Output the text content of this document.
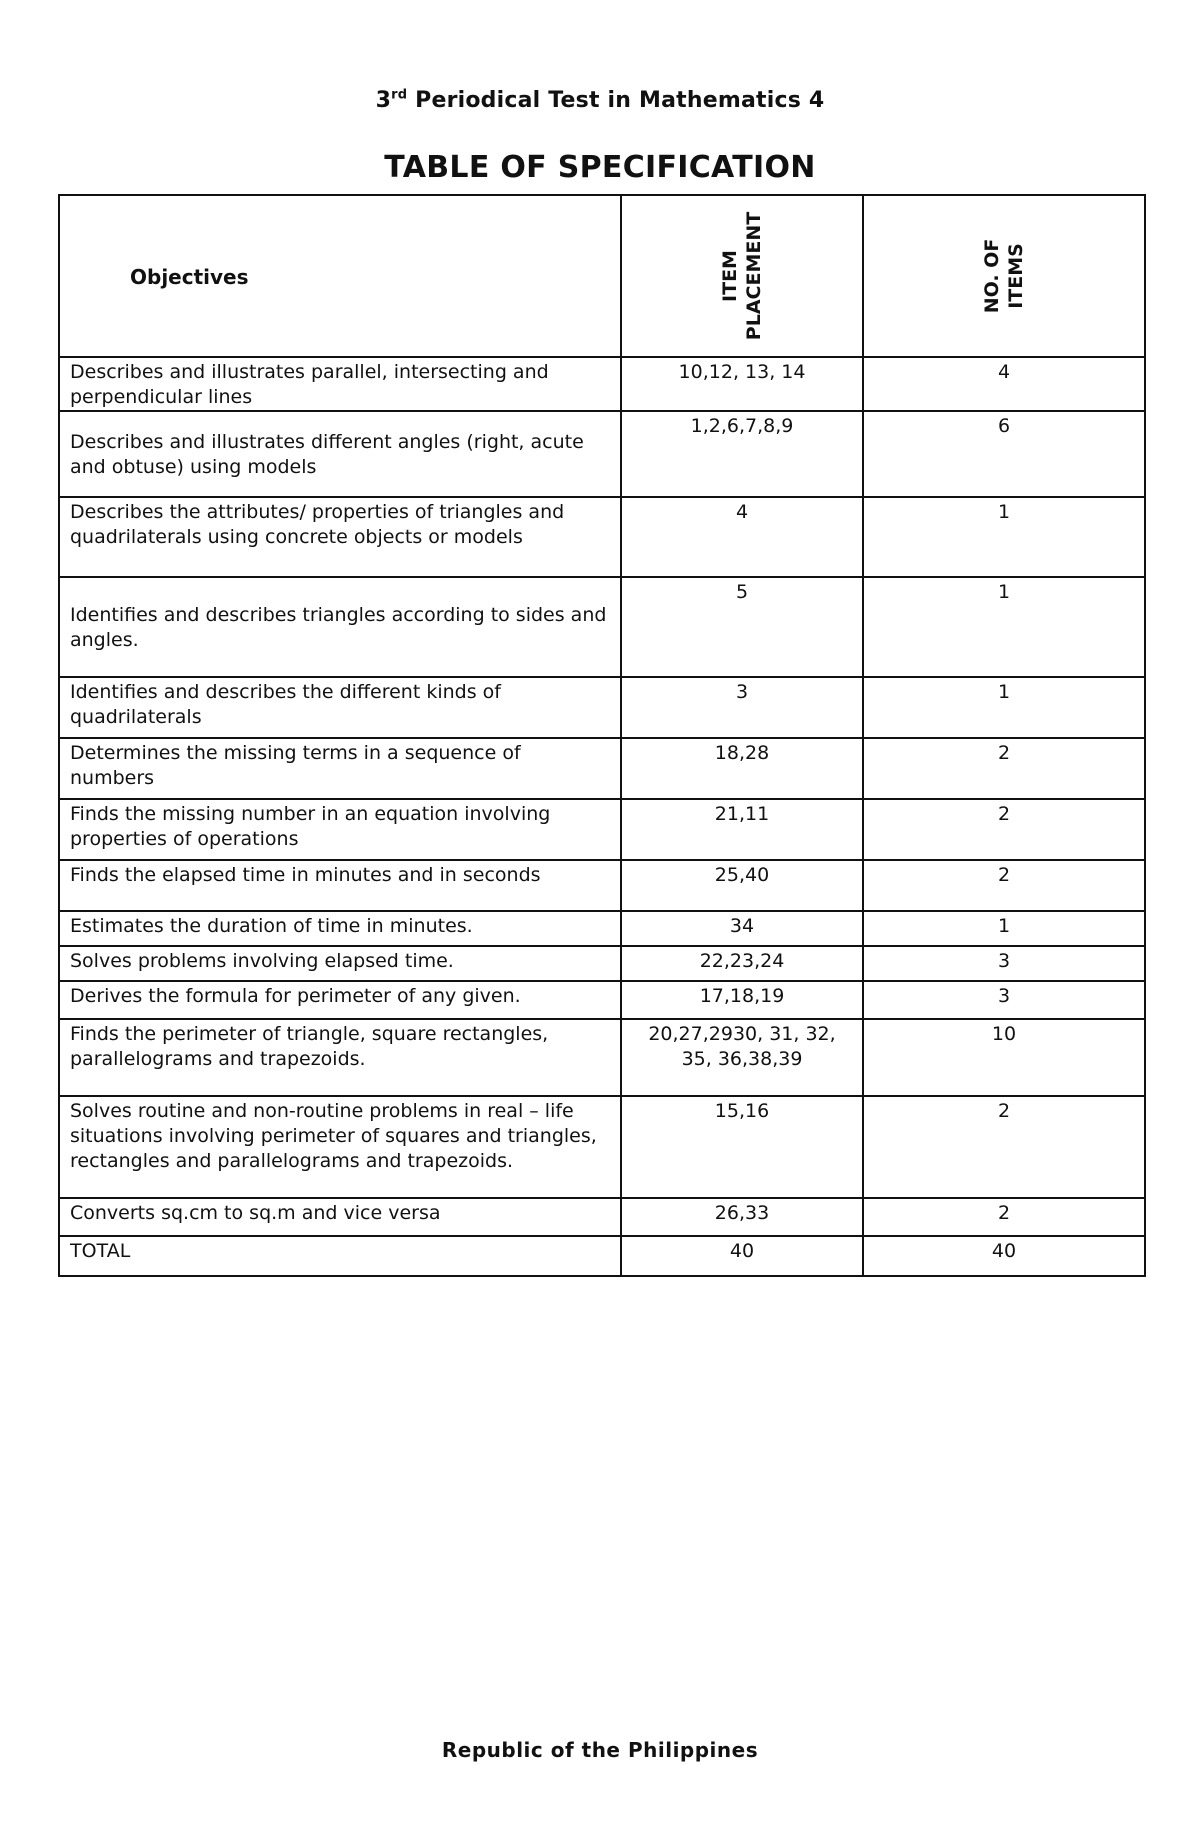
3rd Periodical Test in Mathematics 4
TABLE OF SPECIFICATION
Objectives	ITEM PLACEMENT	NO. OF ITEMS

Describes and illustrates parallel, intersecting and perpendicular lines	10,12, 13, 14	4
Describes and illustrates different angles (right, acute and obtuse) using models	1,2,6,7,8,9	6
Describes the attributes/ properties of triangles and quadrilaterals using concrete objects or models	4	1
Identifies and describes triangles according to sides and angles.	5	1
Identifies and describes the different kinds of quadrilaterals	3	1
Determines the missing terms in a sequence of numbers	18,28	2
Finds the missing number in an equation involving properties of operations	21,11	2
Finds the elapsed time in minutes and in seconds	25,40	2
Estimates the duration of time in minutes.	34	1
Solves problems involving elapsed time.	22,23,24	3
Derives the formula for perimeter of any given.	17,18,19	3
Finds the perimeter of triangle, square rectangles, parallelograms and trapezoids.	20,27,2930, 31, 32, 35, 36,38,39	10
Solves routine and non-routine problems in real – life situations involving perimeter of squares and triangles, rectangles and parallelograms and trapezoids.	15,16	2
Converts sq.cm to sq.m and vice versa	26,33	2
TOTAL	40	40
Republic of the Philippines
